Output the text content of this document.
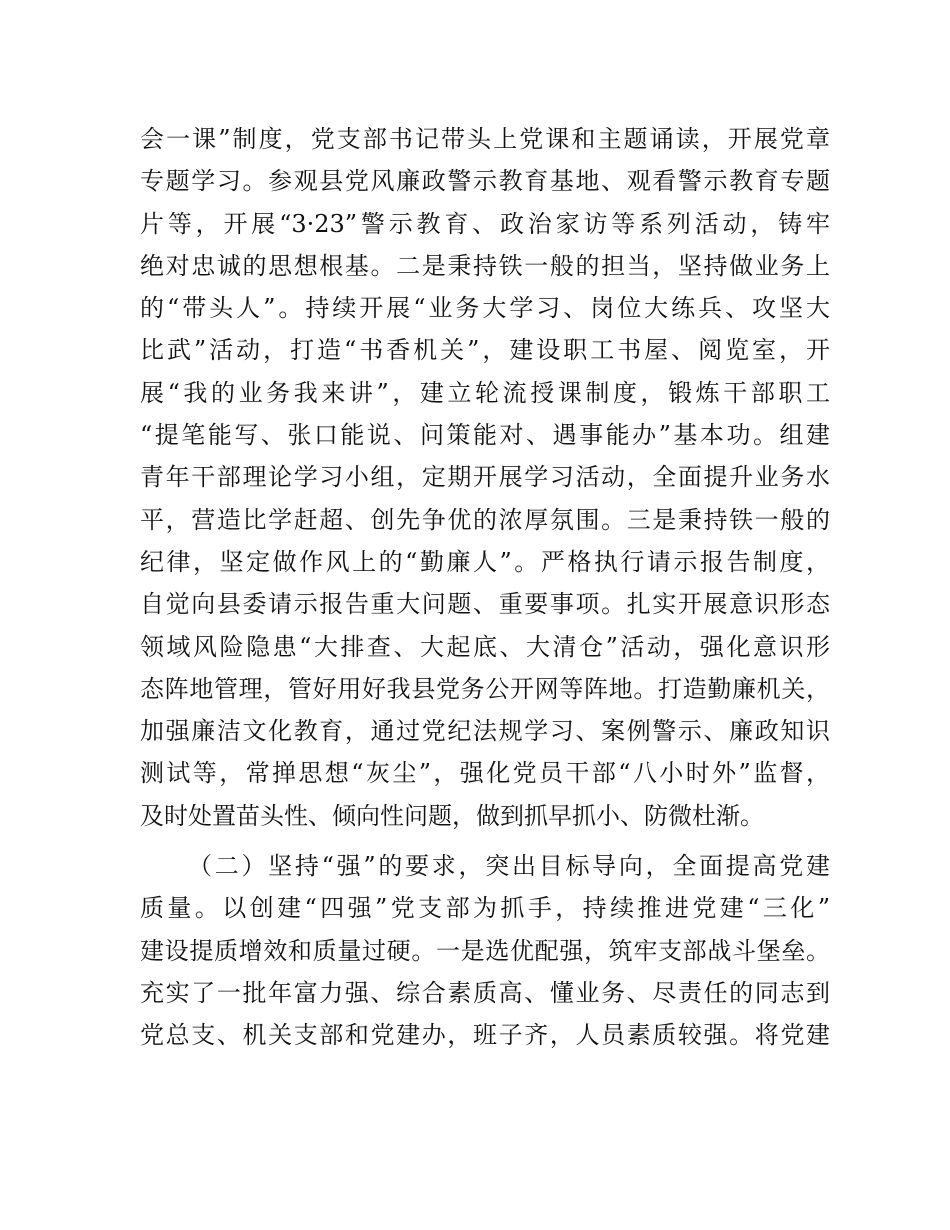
会一课”制度，党支部书记带头上党课和主题诵读，开展党章
专题学习。参观县党风廉政警示教育基地、观看警示教育专题
片等，开展“3·23”警示教育、政治家访等系列活动，铸牢
绝对忠诚的思想根基。二是秉持铁一般的担当，坚持做业务上
的“带头人”。持续开展“业务大学习、岗位大练兵、攻坚大
比武”活动，打造“书香机关”，建设职工书屋、阅览室，开
展“我的业务我来讲”，建立轮流授课制度，锻炼干部职工
“提笔能写、张口能说、问策能对、遇事能办”基本功。组建
青年干部理论学习小组，定期开展学习活动，全面提升业务水
平，营造比学赶超、创先争优的浓厚氛围。三是秉持铁一般的
纪律，坚定做作风上的“勤廉人”。严格执行请示报告制度，
自觉向县委请示报告重大问题、重要事项。扎实开展意识形态
领域风险隐患“大排查、大起底、大清仓”活动，强化意识形
态阵地管理，管好用好我县党务公开网等阵地。打造勤廉机关，
加强廉洁文化教育，通过党纪法规学习、案例警示、廉政知识
测试等，常掸思想“灰尘”，强化党员干部“八小时外”监督，
及时处置苗头性、倾向性问题，做到抓早抓小、防微杜渐。
（二）坚持“强”的要求，突出目标导向，全面提高党建
质量。以创建“四强”党支部为抓手，持续推进党建“三化”
建设提质增效和质量过硬。一是选优配强，筑牢支部战斗堡垒。
充实了一批年富力强、综合素质高、懂业务、尽责任的同志到
党总支、机关支部和党建办，班子齐，人员素质较强。将党建
